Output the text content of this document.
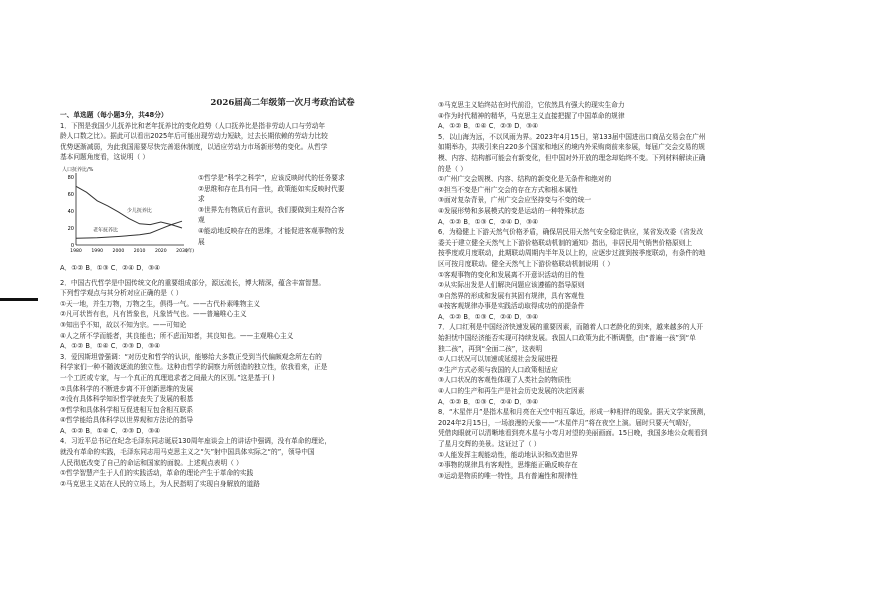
2026届高二年级第一次月考政治试卷
一、单选题（每小题3分，共48分）
1．下图是我国少儿抚养比和老年抚养比的变化趋势（人口抚养比是指非劳动人口与劳动年
龄人口数之比）。据此可以看出2025年后可能出现劳动力短缺，过去长期依赖的劳动力比较
优势逐渐减弱，为此我国需要尽快完善退休制度，以适应劳动力市场新形势的变化。从哲学
基本问题角度看，这说明（ ）
人口抚养比/%
80
60
40
20
0
1980 1990 2000 2010 2020 2030
(年)
少儿抚养比
老年抚养比
①哲学是“科学之科学”，应该反映时代的任务要求
②思维和存在具有同一性，政策能如实反映时代要
求
③世界先有物质后有意识，我们要做到主观符合客
观
④能动地反映存在的思维，才能促进客观事物的发
展
A．①② B．①③ C．②④ D．③④
2．中国古代哲学是中国传统文化的重要组成部分，源远流长，博大精深，蕴含丰富智慧。
下列哲学观点与其分析对应正确的是（ ）
①天一地，并生万物，万物之生，俱得一气。——古代朴素唯物主义
②凡可状皆有也，凡有皆象也，凡象皆气也。——普遍唯心主义
③知出乎不知，故以不知为宗。——可知论
④人之所不学而能者，其良能也；所不虑而知者，其良知也。——主观唯心主义
A．①② B．①④ C．②③ D．③④
3．爱因斯坦曾强调：“对历史和哲学的认识，能够给大多数正受到当代偏颇观念所左右的
科学家们一种不随波逐流的独立性。这种由哲学的洞察力所创造的独立性，依我看来，正是
一个工匠或专家，与一个真正的真理追求者之间最大的区别。”这是基于( )
①具体科学的不断进步离不开创新思维的发展
②没有具体科学知识哲学就丧失了发展的根基
③哲学和具体科学相互促进相互包含相互联系
④哲学能给具体科学以世界观和方法论的指导
A．①② B．①④ C．②③ D．③④
4．习近平总书记在纪念毛泽东同志诞辰130周年座谈会上的讲话中强调，没有革命的理论，
就没有革命的实践，毛泽东同志用马克思主义之“矢”射中国具体实际之“的”，领导中国
人民彻底改变了自己的命运和国家的面貌。上述观点表明（ ）
①哲学智慧产生于人们的实践活动，革命的理论产生于革命的实践
②马克思主义站在人民的立场上，为人民指明了实现自身解放的道路
③马克思主义始终站在时代前沿，它依然具有强大的现实生命力
④作为时代精神的精华，马克思主义直接把握了中国革命的规律
A．①② B．①④ C．②③ D．③④
5．以山海为远，不以风雨为界。2023年4月15日，第133届中国进出口商品交易会在广州
如期举办，共吸引来自220多个国家和地区的境内外采购商前来参展，每届广交会交易的规
模、内容、结构都可能会有新变化，但中国对外开放的理念却始终不变。下列材料解读正确
的是（ ）
①广州广交会规模、内容、结构的新变化是无条件和绝对的
②担当不变是广州广交会的存在方式和根本属性
③面对复杂背景，广州广交会应坚持变与不变的统一
④发展形势和多展模式的变是运动的一种特殊状态
A．①② B．①③ C．②④ D．③④
6．为稳健上下游天然气价格矛盾，确保居民用天然气安全稳定供应，某省发改委《省发改
委关于建立健全天然气上下游价格联动机制的通知》指出，非居民用气销售价格原则上
按季度或月度联动，此期联动周期内半年及以上的，应逐步过渡到按季度联动，有条件的地
区可按月度联动。健全天然气上下游价格联动机制说明（ ）
①客观事物的变化和发展离不开意识活动的目的性
②从实际出发是人们解决问题应该遵循的指导原则
③自然界的形成和发展有其固有规律，具有客观性
④按客观规律办事是实践活动取得成功的前提条件
A．①② B．①③ C．②④ D．③④
7．人口红利是中国经济快速发展的重要因素，而随着人口老龄化的到来，越来越多的人开
始担忧中国经济能否实现可持续发展。我国人口政策为此不断调整，由“普遍一孩”到“单
独二孩”，再到“全面二孩”，这表明
①人口状况可以加速或延缓社会发展进程
②生产方式必须与我国的人口政策相适应
③人口状况的客观性体现了人类社会的物质性
④人口的生产和再生产是社会历史发展的决定因素
A．①② B．①③ C．②④ D．③④
8．“木星伴月”是指木星和月亮在天空中相互靠近，形成一种相伴的现象。据天文学家预测，
2024年2月15日，一场浪漫的天象——“木星伴月”将在夜空上演。届时只要天气晴好，
凭借肉眼就可以清晰地看到亮木星与小弯月对望的美丽画面。15日晚，我国多地公众观看到
了星月交辉的美景。这证过了（ ）
①人能发挥主观能动性，能动地认识和改造世界
②事物的规律具有客观性，思维能正确反映存在
③运动是物质的唯一特性，具有普遍性和规律性
